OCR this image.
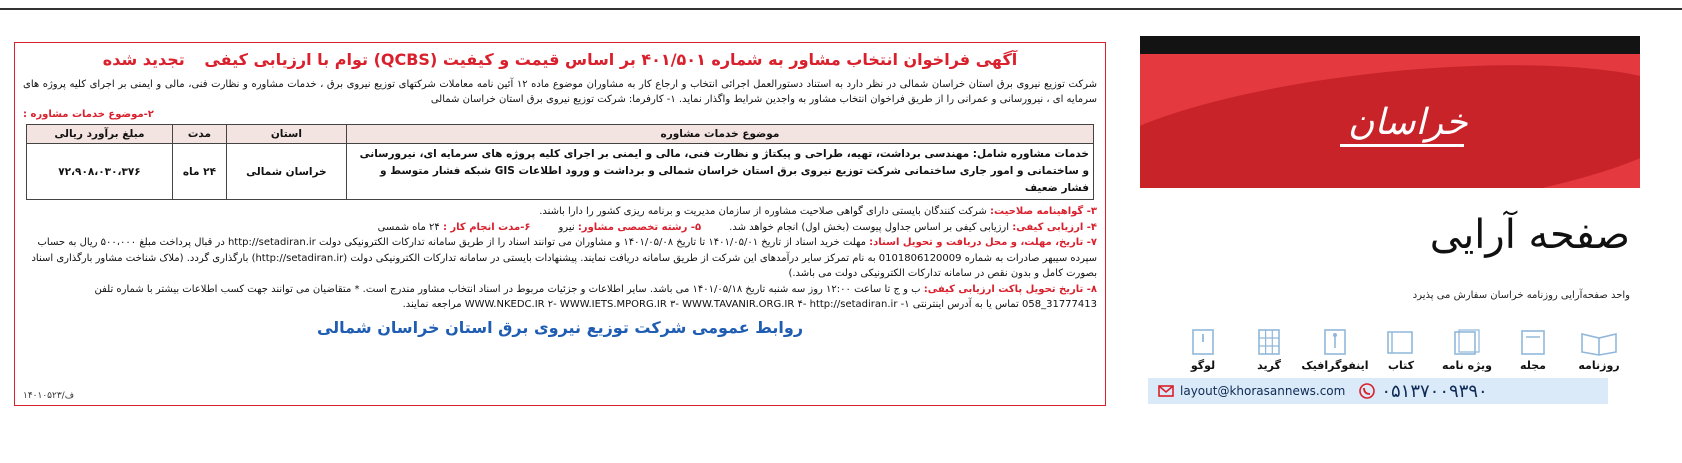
آگهی فراخوان انتخاب مشاور به شماره ۴۰۱/۵۰۱ بر اساس قیمت و کیفیت (QCBS) توام با ارزیابی کیفی تجدید شده
شرکت توزیع نیروی برق استان خراسان شمالی در نظر دارد به استناد دستورالعمل اجرائی انتخاب و ارجاع کار به مشاوران موضوع ماده ۱۲ آئین نامه معاملات شرکتهای توزیع نیروی برق ، خدمات مشاوره و نظارت فنی، مالی و ایمنی بر اجرای کلیه پروژه های سرمایه ای ، نیرورسانی و عمرانی را از طریق فراخوان انتخاب مشاور به واجدین شرایط واگذار نماید. ۱- کارفرما: شرکت توزیع نیروی برق استان خراسان شمالی
۲-موضوع خدمات مشاوره :
موضوع خدمات مشاوره	استان	مدت	مبلغ برآورد ریالی
خدمات مشاوره شامل: مهندسی برداشت، تهیه، طراحی و پیکتاژ و نظارت فنی، مالی و ایمنی بر اجرای کلیه پروژه های سرمایه ای، نیرورسانی و ساختمانی و امور جاری ساختمانی شرکت توزیع نیروی برق استان خراسان شمالی و برداشت و ورود اطلاعات GIS شبکه فشار متوسط و فشار ضعیف	خراسان شمالی	۲۴ ماه	۷۲،۹۰۸،۰۳۰،۳۷۶

۳- گواهینامه صلاحیت: شرکت کنندگان بایستی دارای گواهی صلاحیت مشاوره از سازمان مدیریت و برنامه ریزی کشور را دارا باشند.

۴- ارزیابی کیفی: ارزیابی کیفی بر اساس جداول پیوست (بخش اول) انجام خواهد شد.
۵- رشته تخصصی مشاور: نیرو
۶-مدت انجام کار : ۲۴ ماه شمسی

۷- تاریخ، مهلت، و محل دریافت و تحویل اسناد: مهلت خرید اسناد از تاریخ ۱۴۰۱/۰۵/۰۱ تا تاریخ ۱۴۰۱/۰۵/۰۸ و مشاوران می توانند اسناد را از طریق سامانه تدارکات الکترونیکی دولت http://setadiran.ir در قبال پرداخت مبلغ ۵۰۰،۰۰۰ ریال به حساب سپرده سیبهر صادرات به شماره 0101806120009 به نام تمرکز سایر درآمدهای این شرکت از طریق سامانه دریافت نمایند. پیشنهادات بایستی در سامانه تدارکات الکترونیکی دولت (http://setadiran.ir) بارگذاری گردد. (ملاک شناخت مشاور بارگذاری اسناد بصورت کامل و بدون نقص در سامانه تدارکات الکترونیکی دولت می باشد.)

۸- تاریخ تحویل پاکت ارزیابی کیفی: ب و ج تا ساعت ۱۲:۰۰ روز سه شنبه تاریخ ۱۴۰۱/۰۵/۱۸ می باشد. سایر اطلاعات و جزئیات مربوط در اسناد انتخاب مشاور مندرج است. * متقاضیان می توانند جهت کسب اطلاعات بیشتر با شماره تلفن 31777413_058 تماس یا به آدرس اینترنتی ۱- WWW.NKEDC.IR ۲- WWW.IETS.MPORG.IR ۳- WWW.TAVANIR.ORG.IR ۴- http://setadiran.ir مراجعه نمایند.

روابط عمومی شرکت توزیع نیروی برق استان خراسان شمالی
۱۴۰۱۰۵۲۳/ف
خراسان
صفحه آرایی
واحد صفحه‌آرایی روزنامه خراسان سفارش می پذیرد
روزنامه
مجله
ویژه نامه
کتاب
اینفوگرافیک
گرید
لوگو
layout@khorasannews.com ۰۵۱۳۷۰۰۹۳۹۰
